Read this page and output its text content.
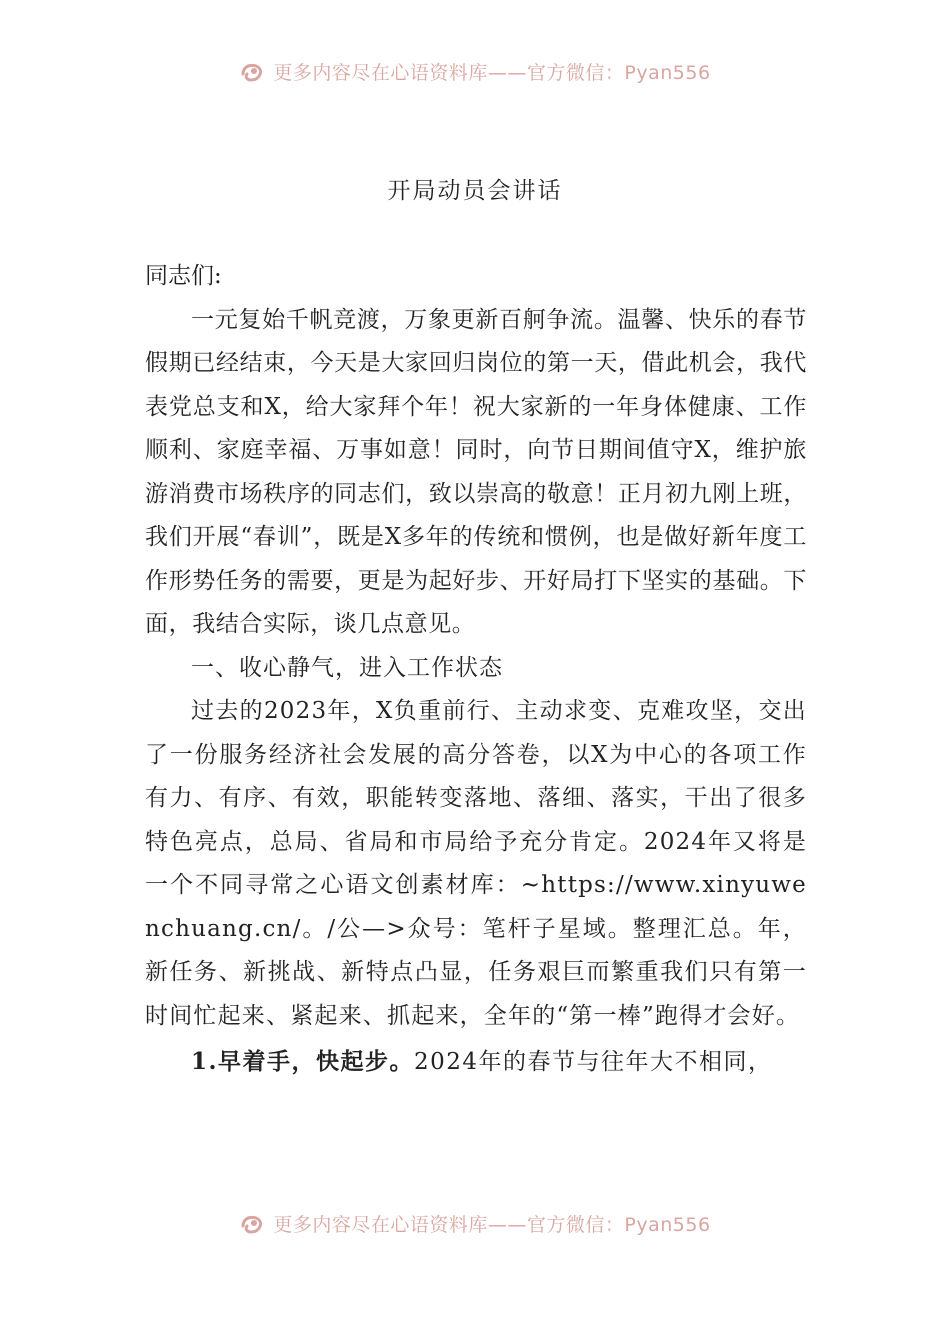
更多内容尽在心语资料库——官方微信：Pyan556
开局动员会讲话

同志们:

一元复始千帆竞渡，万象更新百舸争流。温馨、快乐的春节假期已经结束，今天是大家回归岗位的第一天，借此机会，我代表党总支和X，给大家拜个年！祝大家新的一年身体健康、工作顺利、家庭幸福、万事如意！同时，向节日期间值守X，维护旅游消费市场秩序的同志们，致以崇高的敬意！正月初九刚上班，我们开展“春训”，既是X多年的传统和惯例，也是做好新年度工作形势任务的需要，更是为起好步、开好局打下坚实的基础。下面，我结合实际，谈几点意见。

一、收心静气，进入工作状态

过去的2023年，X负重前行、主动求变、克难攻坚，交出了一份服务经济社会发展的高分答卷，以X为中心的各项工作有力、有序、有效，职能转变落地、落细、落实，干出了很多特色亮点，总局、省局和市局给予充分肯定。2024年又将是一个不同寻常之心语文创素材库：~https://www.xinyuwenchuang.cn/。/公—>众号：笔杆子星域。整理汇总。年，新任务、新挑战、新特点凸显，任务艰巨而繁重我们只有第一时间忙起来、紧起来、抓起来，全年的“第一棒”跑得才会好。

1.早着手，快起步。2024年的春节与往年大不相同，

更多内容尽在心语资料库——官方微信：Pyan556
